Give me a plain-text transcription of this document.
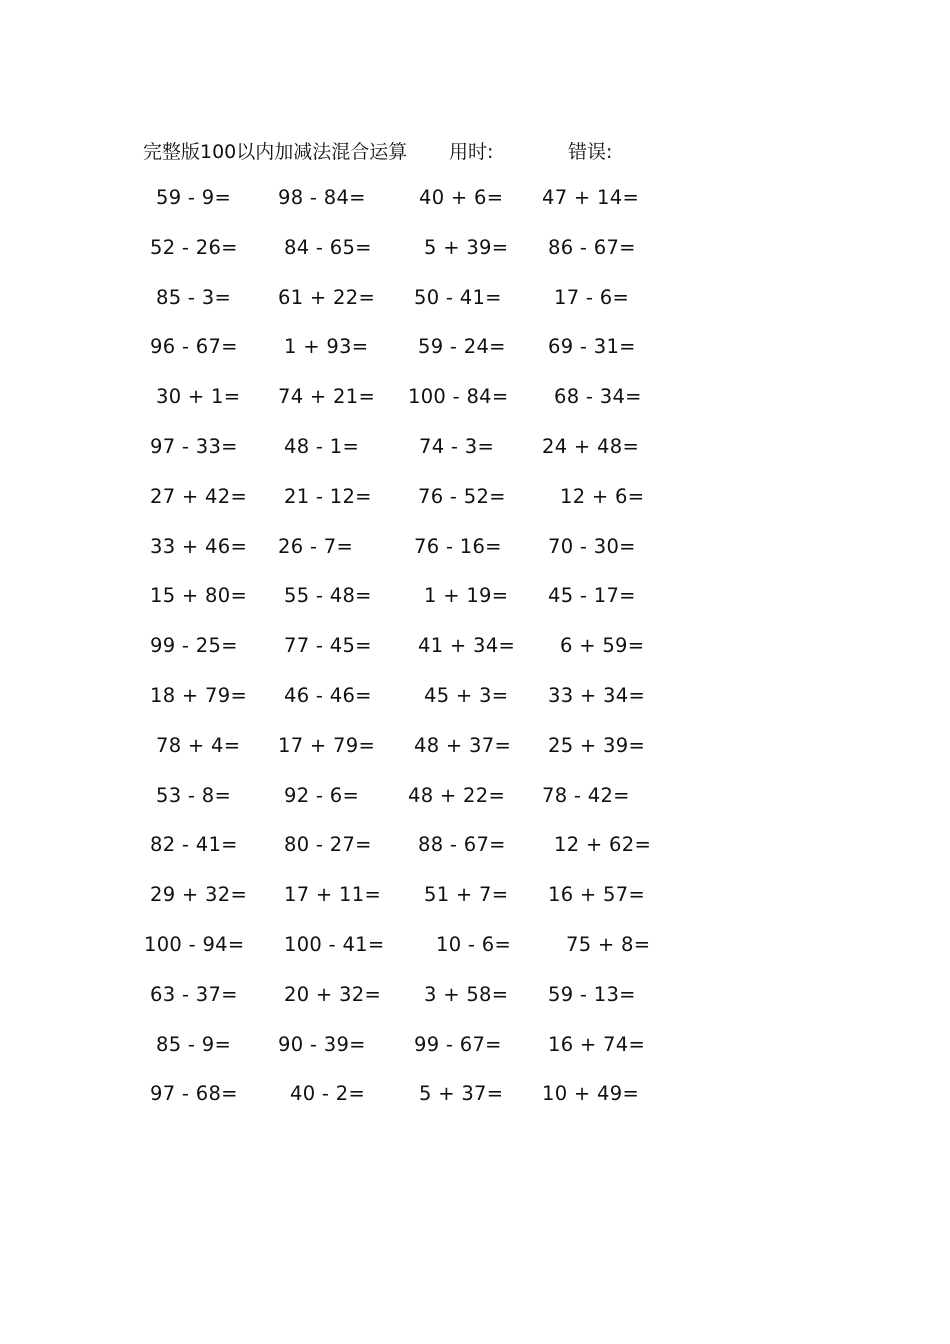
完整版100以内加减法混合运算 用时:	错误:
59 - 9= 98 - 84=	40 + 6= 47 + 14=
52 - 26= 84 - 65=	5 + 39= 86 - 67=
85 - 3= 61 + 22= 50 - 41=	17 - 6=
96 - 67= 1 + 93=	59 - 24= 69 - 31=
30 + 1= 74 + 21= 100 - 84= 68 - 34=
97 - 33= 48 - 1=	74 - 3= 24 + 48=
27 + 42= 21 - 12= 76 - 52=	12 + 6=
33 + 46= 26 - 7=	76 - 16= 70 - 30=
15 + 80= 55 - 48=	1 + 19= 45 - 17=
99 - 25= 77 - 45= 41 + 34= 6 + 59=
18 + 79= 46 - 46=	45 + 3= 33 + 34=
78 + 4= 17 + 79= 48 + 37= 25 + 39=
53 - 8=	92 - 6=	48 + 22= 78 - 42=
82 - 41= 80 - 27= 88 - 67= 12 + 62=
29 + 32= 17 + 11= 51 + 7= 16 + 57=
100 - 94= 100 - 41=	10 - 6=	75 + 8=
63 - 37= 20 + 32= 3 + 58= 59 - 13=
85 - 9= 90 - 39= 99 - 67= 16 + 74=
97 - 68=	40 - 2=	5 + 37= 10 + 49=
